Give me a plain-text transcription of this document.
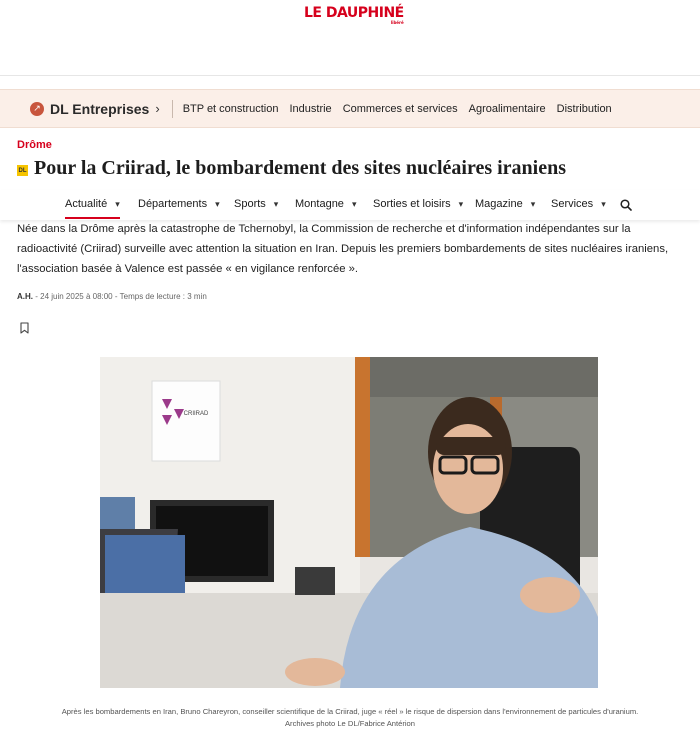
LE DAUPHINÉ
libéré
↗ DL Entreprises › BTP et construction Industrie Commerces et services Agroalimentaire Distribution
Drôme
DL Pour la Criirad, le bombardement des sites nucléaires iraniens
Actualité ▾ Départements ▾ Sports ▾ Montagne ▾ Sorties et loisirs ▾ Magazine ▾ Services ▾

Née dans la Drôme après la catastrophe de Tchernobyl, la Commission de recherche et d'information indépendantes sur la radioactivité (Criirad) surveille avec attention la situation en Iran. Depuis les premiers bombardements de sites nucléaires iraniens, l'association basée à Valence est passée « en vigilance renforcée ».

A.H. - 24 juin 2025 à 08:00 - Temps de lecture : 3 min
CRIIRAD
Après les bombardements en Iran, Bruno Chareyron, conseiller scientifique de la Criirad, juge « réel » le risque de dispersion dans l'environnement de particules d'uranium.
Archives photo Le DL/Fabrice Antérion
